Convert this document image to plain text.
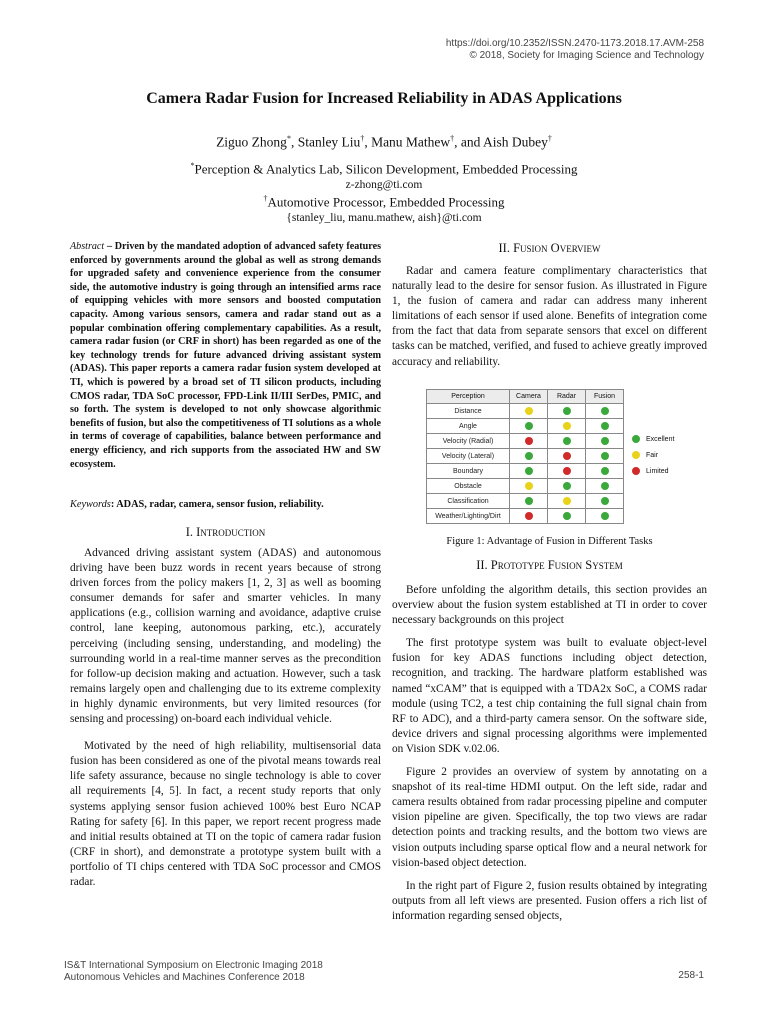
https://doi.org/10.2352/ISSN.2470-1173.2018.17.AVM-258
© 2018, Society for Imaging Science and Technology
Camera Radar Fusion for Increased Reliability in ADAS Applications
Ziguo Zhong*, Stanley Liu†, Manu Mathew†, and Aish Dubey†
*Perception & Analytics Lab, Silicon Development, Embedded Processing
z-zhong@ti.com
†Automotive Processor, Embedded Processing
{stanley_liu, manu.mathew, aish}@ti.com

Abstract – Driven by the mandated adoption of advanced safety features enforced by governments around the global as well as strong demands for upgraded safety and convenience experience from the consumer side, the automotive industry is going through an intensified arms race of equipping vehicles with more sensors and boosted computation capacity. Among various sensors, camera and radar stand out as a popular combination offering complementary capabilities. As a result, camera radar fusion (or CRF in short) has been regarded as one of the key technology trends for future advanced driving assistant system (ADAS). This paper reports a camera radar fusion system developed at TI, which is powered by a broad set of TI silicon products, including CMOS radar, TDA SoC processor, FPD-Link II/III SerDes, PMIC, and so forth. The system is developed to not only showcase algorithmic benefits of fusion, but also the competitiveness of TI solutions as a whole in terms of coverage of capabilities, balance between performance and energy efficiency, and rich supports from the associated HW and SW ecosystem.

Keywords: ADAS, radar, camera, sensor fusion, reliability.

I. Introduction

Advanced driving assistant system (ADAS) and autonomous driving have been buzz words in recent years because of strong driven forces from the policy makers [1, 2, 3] as well as booming consumer demands for safer and smarter vehicles. In many applications (e.g., collision warning and avoidance, adaptive cruise control, lane keeping, autonomous parking, etc.), accurately perceiving (including sensing, understanding, and modeling) the surrounding world in a real-time manner serves as the precondition for follow-up decision making and actuation. However, such a task remains largely open and challenging due to its extreme complexity in highly dynamic environments, but very limited resources (for sensing and processing) on-board each individual vehicle.

Motivated by the need of high reliability, multisensorial data fusion has been considered as one of the pivotal means towards real life safety assurance, because no single technology is able to cover all requirements [4, 5]. In fact, a recent study reports that only systems applying sensor fusion achieved 100% best Euro NCAP Rating for safety [6]. In this paper, we report recent progress made and initial results obtained at TI on the topic of camera radar fusion (CRF in short), and demonstrate a prototype system built with a portfolio of TI chips centered with TDA SoC processor and CMOS radar.

II. Fusion Overview

Radar and camera feature complimentary characteristics that naturally lead to the desire for sensor fusion. As illustrated in Figure 1, the fusion of camera and radar can address many inherent limitations of each sensor if used alone. Benefits of integration come from the fact that data from separate sensors that excel on different tasks can be matched, verified, and fused to achieve greatly improved accuracy and reliability.

Perception	Camera	Radar	Fusion
Distance			
Angle			
Velocity (Radial)			
Velocity (Lateral)			
Boundary			
Obstacle			
Classification			
Weather/Lighting/Dirt			
Excellent
Fair
Limited
Figure 1: Advantage of Fusion in Different Tasks
II. Prototype Fusion System

Before unfolding the algorithm details, this section provides an overview about the fusion system established at TI in order to cover necessary backgrounds on this project

The first prototype system was built to evaluate object-level fusion for key ADAS functions including object detection, recognition, and tracking. The hardware platform established was named “xCAM” that is equipped with a TDA2x SoC, a COMS radar module (using TC2, a test chip containing the full signal chain from RF to ADC), and a third-party camera sensor. On the software side, device drivers and signal processing algorithms were implemented on Vision SDK v.02.06.

Figure 2 provides an overview of system by annotating on a snapshot of its real-time HDMI output. On the left side, radar and camera results obtained from radar processing pipeline and computer vision pipeline are given. Specifically, the top two views are radar detection points and tracking results, and the bottom two views are vision outputs including sparse optical flow and a neural network for vision-based object detection.

In the right part of Figure 2, fusion results obtained by integrating outputs from all left views are presented. Fusion offers a rich list of information regarding sensed objects,

IS&T International Symposium on Electronic Imaging 2018
Autonomous Vehicles and Machines Conference 2018	258-1
